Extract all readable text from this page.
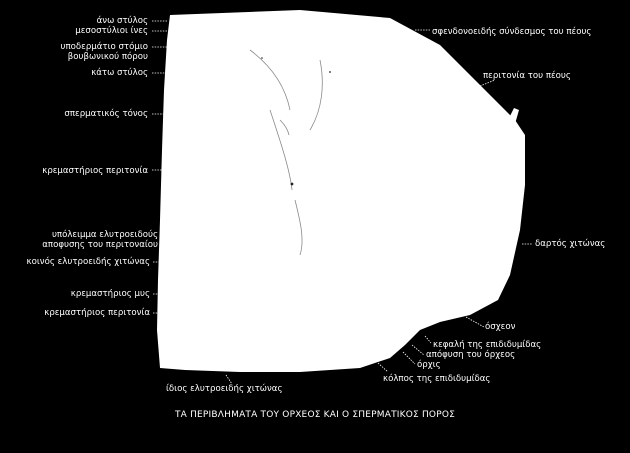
άνω στύλος
μεσοστύλιοι ίνες
υποδερμάτιο στόμιο
βουβωνικού πόρου
κάτω στύλος
σπερματικός τόνος
κρεμαστήριος περιτονία
υπόλειμμα ελυτροειδούς
αποφυσης του περιτοναίου
κοινός ελυτροειδής χιτώνας
κρεμαστήριος μυς
κρεμαστήριος περιτονία
σφενδονοειδής σύνδεσμος του πέους
περιτονία του πέους
δαρτός χιτώνας
όσχεον
κεφαλή της επιδιδυμίδας
απόφυση του όρχεος
όρχις
κόλπος της επιδιδυμίδας
ίδιος ελυτροειδής χιτώνας
ΤΑ ΠΕΡΙΒΛΗΜΑΤΑ ΤΟΥ ΟΡΧΕΟΣ ΚΑΙ Ο ΣΠΕΡΜΑΤΙΚΟΣ ΠΟΡΟΣ
